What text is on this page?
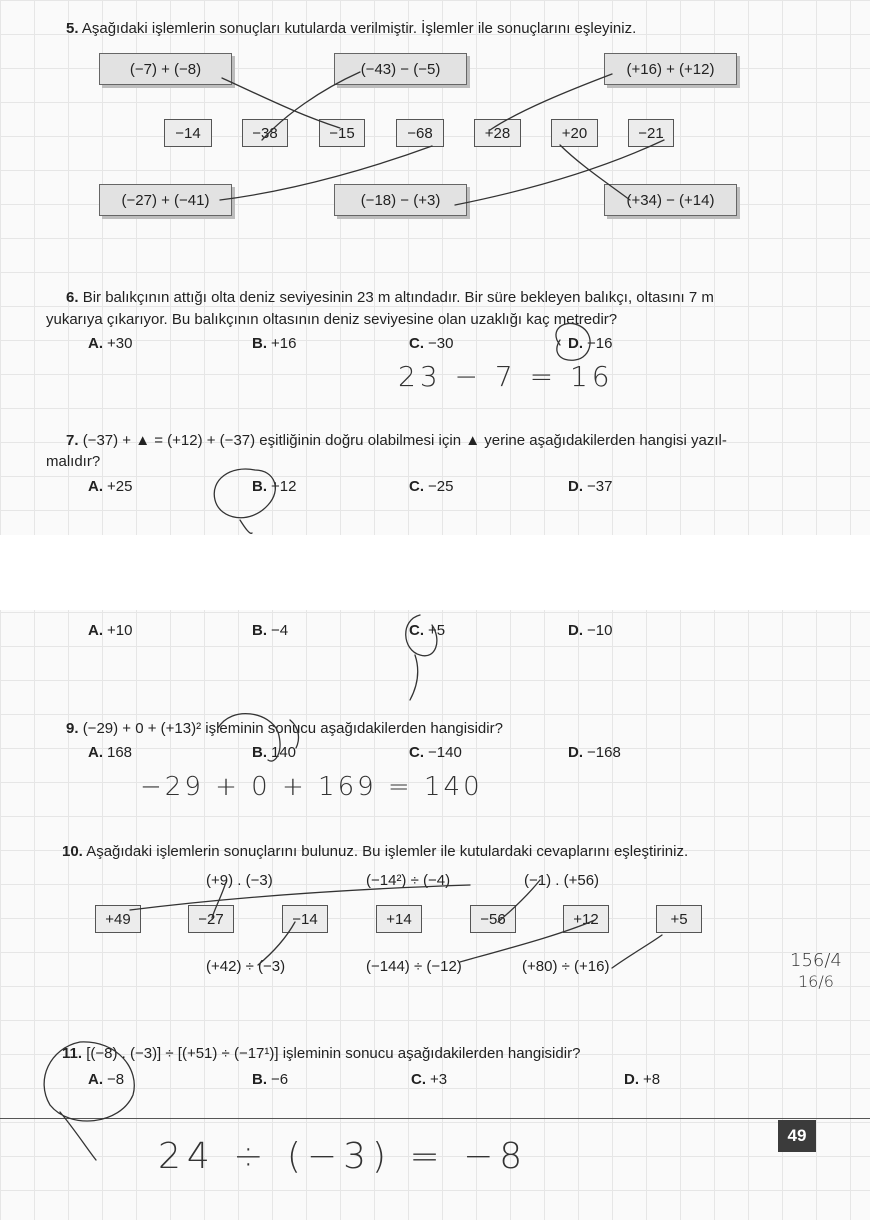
5. Aşağıdaki işlemlerin sonuçları kutularda verilmiştir. İşlemler ile sonuçlarını eşleyiniz.
(−7) + (−8)	(−43) − (−5)	(+16) + (+12)
−14	−38	−15	−68	+28	+20	−21
(−27) + (−41)	(−18) − (+3)	(+34) − (+14)
6. Bir balıkçının attığı olta deniz seviyesinin 23 m altındadır. Bir süre bekleyen balıkçı, oltasını 7 m
yukarıya çıkarıyor. Bu balıkçının oltasının deniz seviyesine olan uzaklığı kaç metredir?
A. +30	B. +16	C. −30	D. −16
23 − 7 = 16
7. (−37) + ▲ = (+12) + (−37) eşitliğinin doğru olabilmesi için ▲ yerine aşağıdakilerden hangisi yazıl-
malıdır?
A. +25	B. +12	C. −25	D. −37
A. +10	B. −4	C. +5	D. −10
9. (−29) + 0 + (+13)² işleminin sonucu aşağıdakilerden hangisidir?
A. 168	B. 140	C. −140	D. −168
−29 + 0 + 169 = 140
10. Aşağıdaki işlemlerin sonuçlarını bulunuz. Bu işlemler ile kutulardaki cevaplarını eşleştiriniz.
(+9) . (−3)	(−14²) ÷ (−4)	(−1) . (+56)
+49	−27	−14	+14	−56	+12	+5
(+42) ÷ (−3)	(−144) ÷ (−12)	(+80) ÷ (+16)	156/4
16/6
11. [(−8) . (−3)] ÷ [(+51) ÷ (−17¹)] işleminin sonucu aşağıdakilerden hangisidir?
A. −8	B. −6	C. +3	D. +8
49
24 ÷ (−3) = −8
